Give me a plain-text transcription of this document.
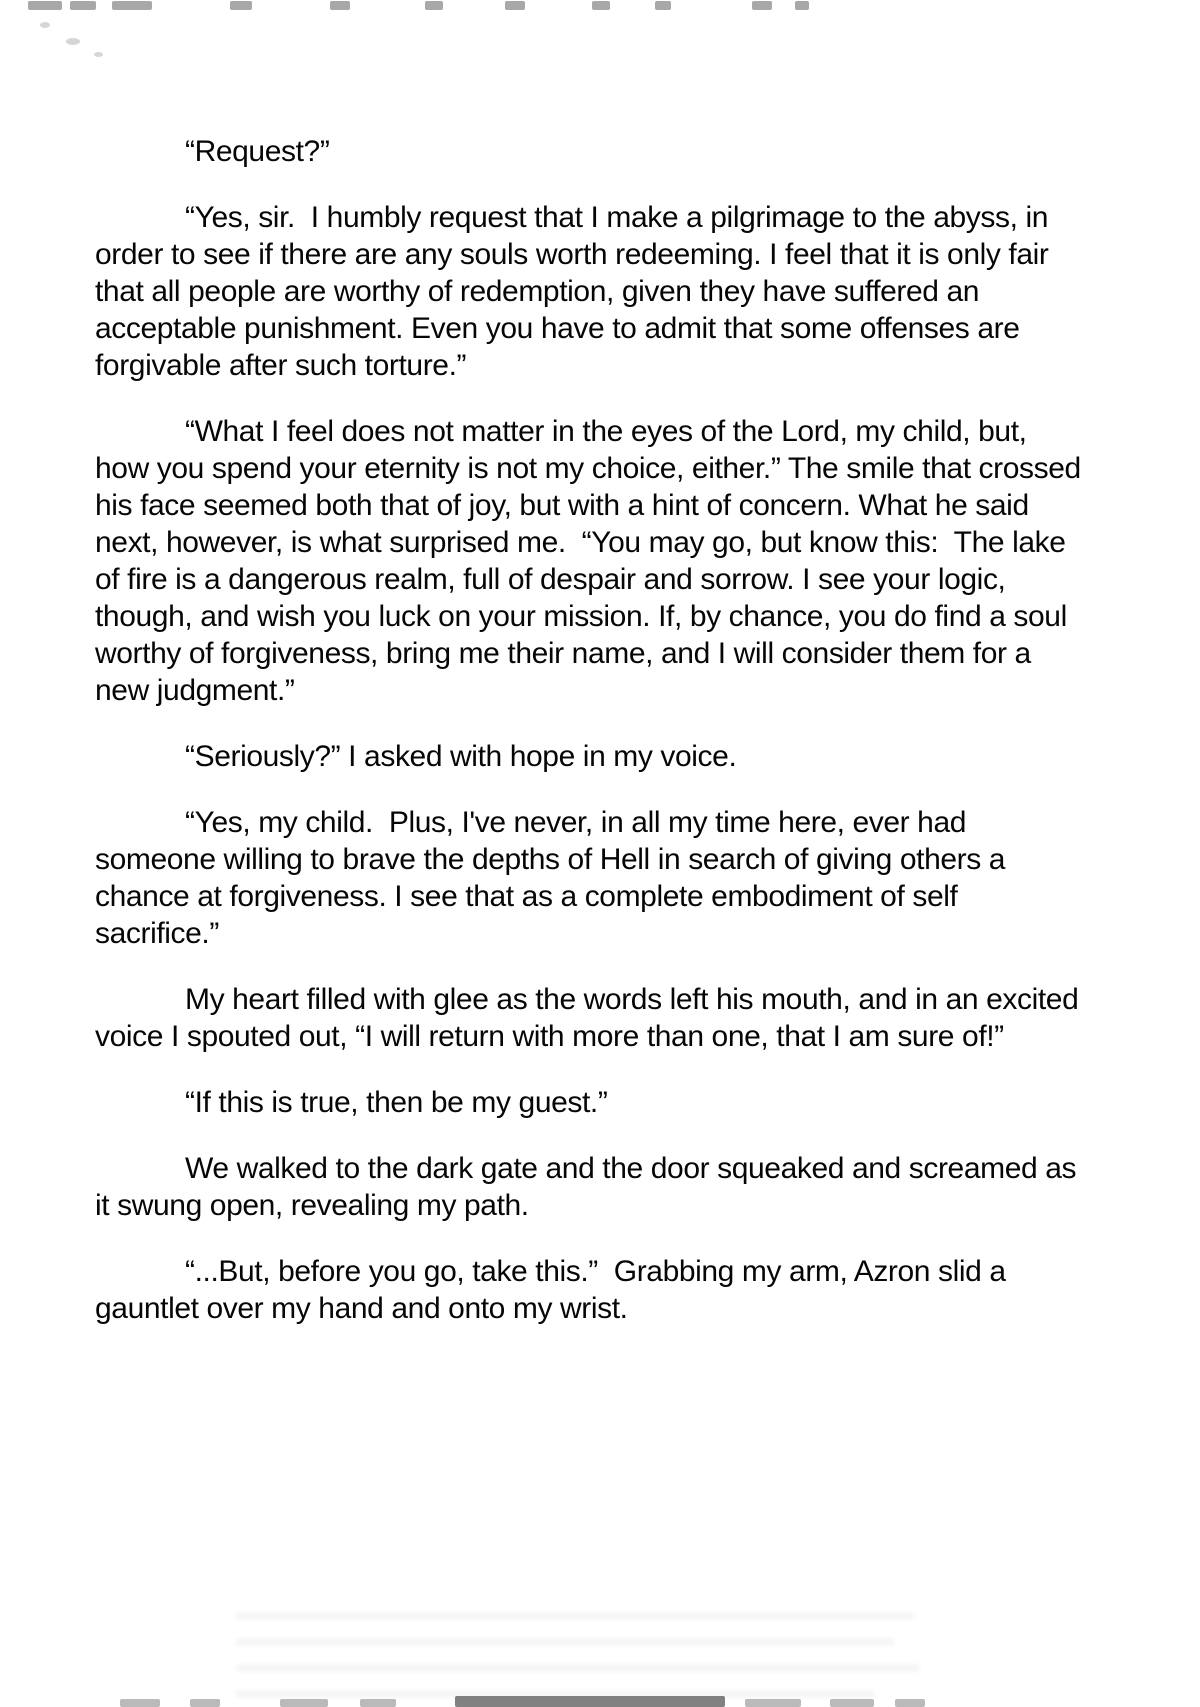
“Request?”

“Yes, sir.  I humbly request that I make a pilgrimage to the abyss, in order to see if there are any souls worth redeeming. I feel that it is only fair that all people are worthy of redemption, given they have suffered an acceptable punishment. Even you have to admit that some offenses are forgivable after such torture.”

“What I feel does not matter in the eyes of the Lord, my child, but, how you spend your eternity is not my choice, either.” The smile that crossed his face seemed both that of joy, but with a hint of concern. What he said next, however, is what surprised me.  “You may go, but know this:  The lake of fire is a dangerous realm, full of despair and sorrow. I see your logic, though, and wish you luck on your mission. If, by chance, you do find a soul worthy of forgiveness, bring me their name, and I will consider them for a new judgment.”

“Seriously?” I asked with hope in my voice.

“Yes, my child.  Plus, I've never, in all my time here, ever had someone willing to brave the depths of Hell in search of giving others a chance at forgiveness. I see that as a complete embodiment of self sacrifice.”

My heart filled with glee as the words left his mouth, and in an excited voice I spouted out, “I will return with more than one, that I am sure of!”

“If this is true, then be my guest.”

We walked to the dark gate and the door squeaked and screamed as it swung open, revealing my path.

“...But, before you go, take this.”  Grabbing my arm, Azron slid a gauntlet over my hand and onto my wrist.
